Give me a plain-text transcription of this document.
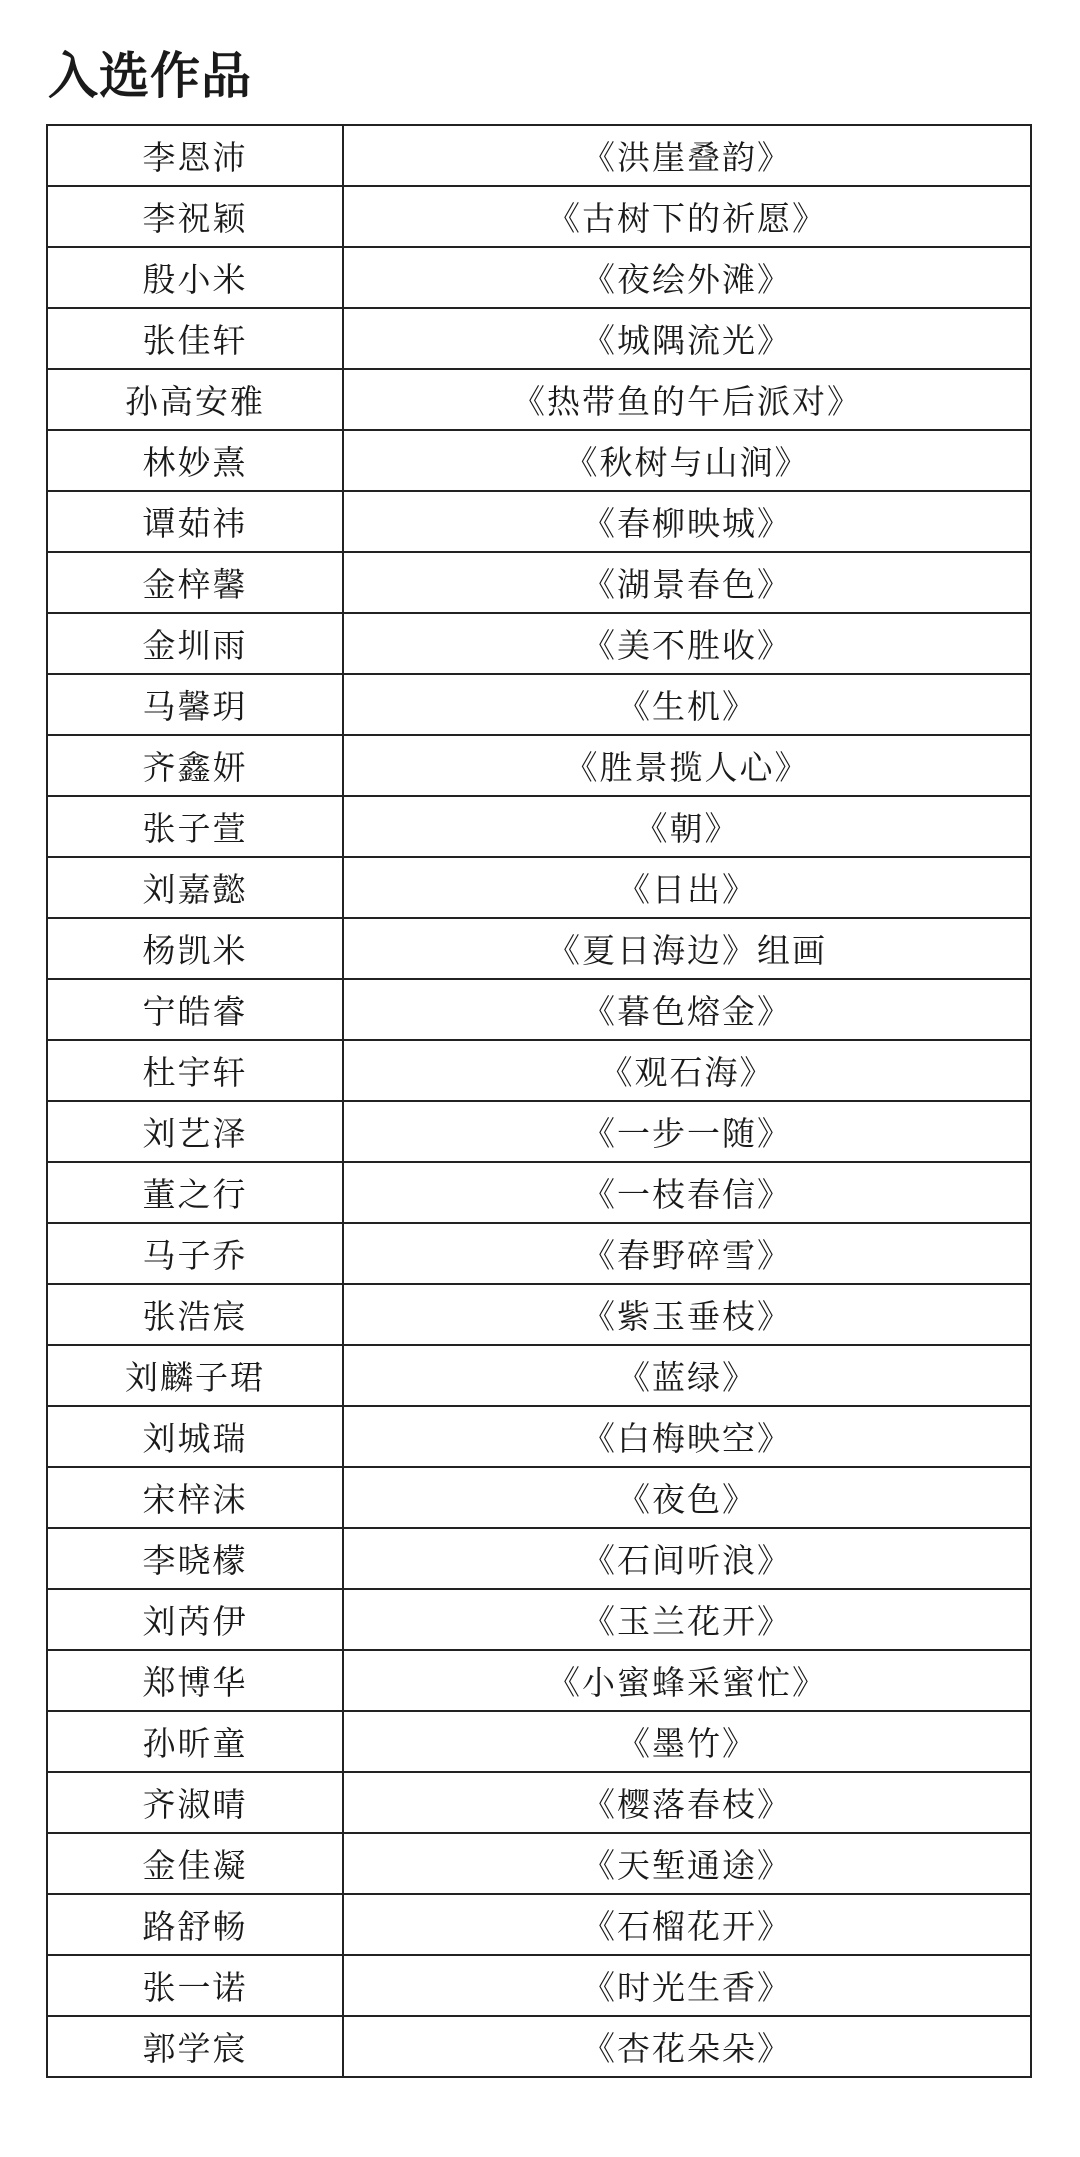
入选作品
李恩沛	《洪崖叠韵》
李祝颖	《古树下的祈愿》
殷小米	《夜绘外滩》
张佳轩	《城隅流光》
孙高安雅	《热带鱼的午后派对》
林妙熹	《秋树与山涧》
谭茹祎	《春柳映城》
金梓馨	《湖景春色》
金圳雨	《美不胜收》
马馨玥	《生机》
齐鑫妍	《胜景揽人心》
张子萱	《朝》
刘嘉懿	《日出》
杨凯米	《夏日海边》组画
宁皓睿	《暮色熔金》
杜宇轩	《观石海》
刘艺泽	《一步一随》
董之行	《一枝春信》
马子乔	《春野碎雪》
张浩宸	《紫玉垂枝》
刘麟子珺	《蓝绿》
刘城瑞	《白梅映空》
宋梓沫	《夜色》
李晓檬	《石间听浪》
刘芮伊	《玉兰花开》
郑博华	《小蜜蜂采蜜忙》
孙昕童	《墨竹》
齐淑晴	《樱落春枝》
金佳凝	《天堑通途》
路舒畅	《石榴花开》
张一诺	《时光生香》
郭学宸	《杏花朵朵》
